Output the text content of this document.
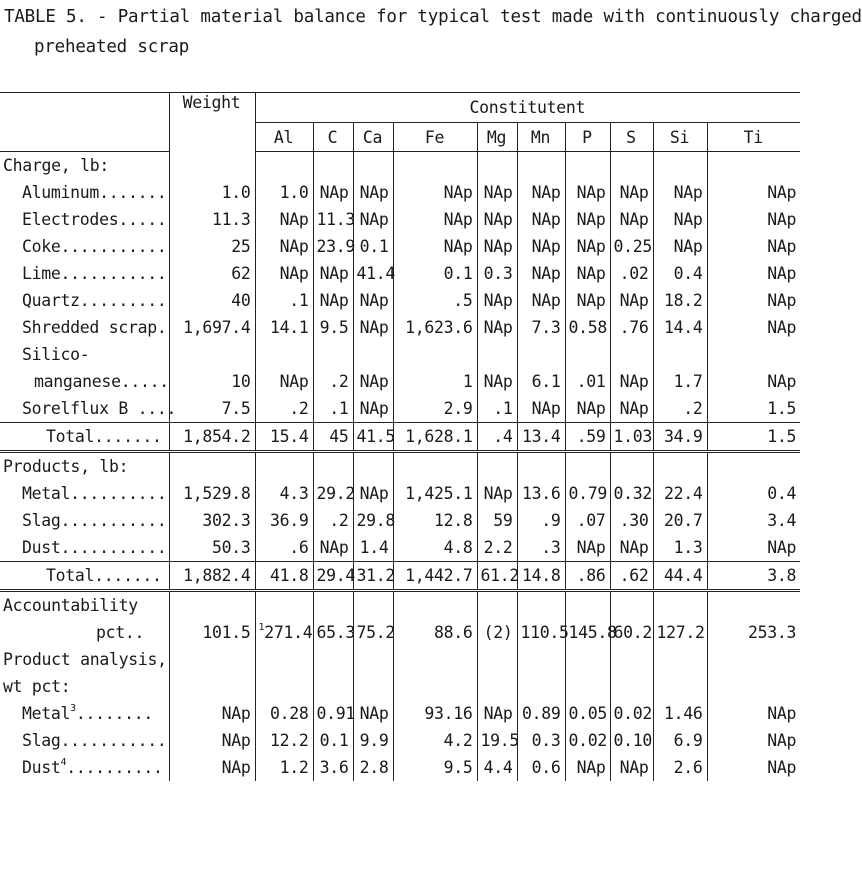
TABLE 5. - Partial material balance for typical test made with continuously charged
preheated scrap
	Weight	Constitutent									
		Al	C	Ca	Fe	Mg	Mn	P	S	Si	Ti
Charge, lb:											
Aluminum.......	1.0	1.0	NAp	NAp	NAp	NAp	NAp	NAp	NAp	NAp	NAp
Electrodes.....	11.3	NAp	11.3	NAp	NAp	NAp	NAp	NAp	NAp	NAp	NAp
Coke...........	25	NAp	23.9	0.1	NAp	NAp	NAp	NAp	0.25	NAp	NAp
Lime...........	62	NAp	NAp	41.4	0.1	0.3	NAp	NAp	.02	0.4	NAp
Quartz.........	40	.1	NAp	NAp	.5	NAp	NAp	NAp	NAp	18.2	NAp
Shredded scrap.	1,697.4	14.1	9.5	NAp	1,623.6	NAp	7.3	0.58	.76	14.4	NAp
Silico-											
manganese.....	10	NAp	.2	NAp	1	NAp	6.1	.01	NAp	1.7	NAp
Sorelflux B ....	7.5	.2	.1	NAp	2.9	.1	NAp	NAp	NAp	.2	1.5
Total.......	1,854.2	15.4	45	41.5	1,628.1	.4	13.4	.59	1.03	34.9	1.5
Products, lb:											
Metal..........	1,529.8	4.3	29.2	NAp	1,425.1	NAp	13.6	0.79	0.32	22.4	0.4
Slag...........	302.3	36.9	.2	29.8	12.8	59	.9	.07	.30	20.7	3.4
Dust...........	50.3	.6	NAp	1.4	4.8	2.2	.3	NAp	NAp	1.3	NAp
Total.......	1,882.4	41.8	29.4	31.2	1,442.7	61.2	14.8	.86	.62	44.4	3.8
Accountability											
pct..	101.5	$^1$271.4	65.3	75.2	88.6	(2)	110.5	145.8	60.2	127.2	253.3
Product analysis,											
wt pct:											
Metal$^3$........	NAp	0.28	0.91	NAp	93.16	NAp	0.89	0.05	0.02	1.46	NAp
Slag...........	NAp	12.2	0.1	9.9	4.2	19.5	0.3	0.02	0.10	6.9	NAp
Dust$^4$..........	NAp	1.2	3.6	2.8	9.5	4.4	0.6	NAp	NAp	2.6	NAp
